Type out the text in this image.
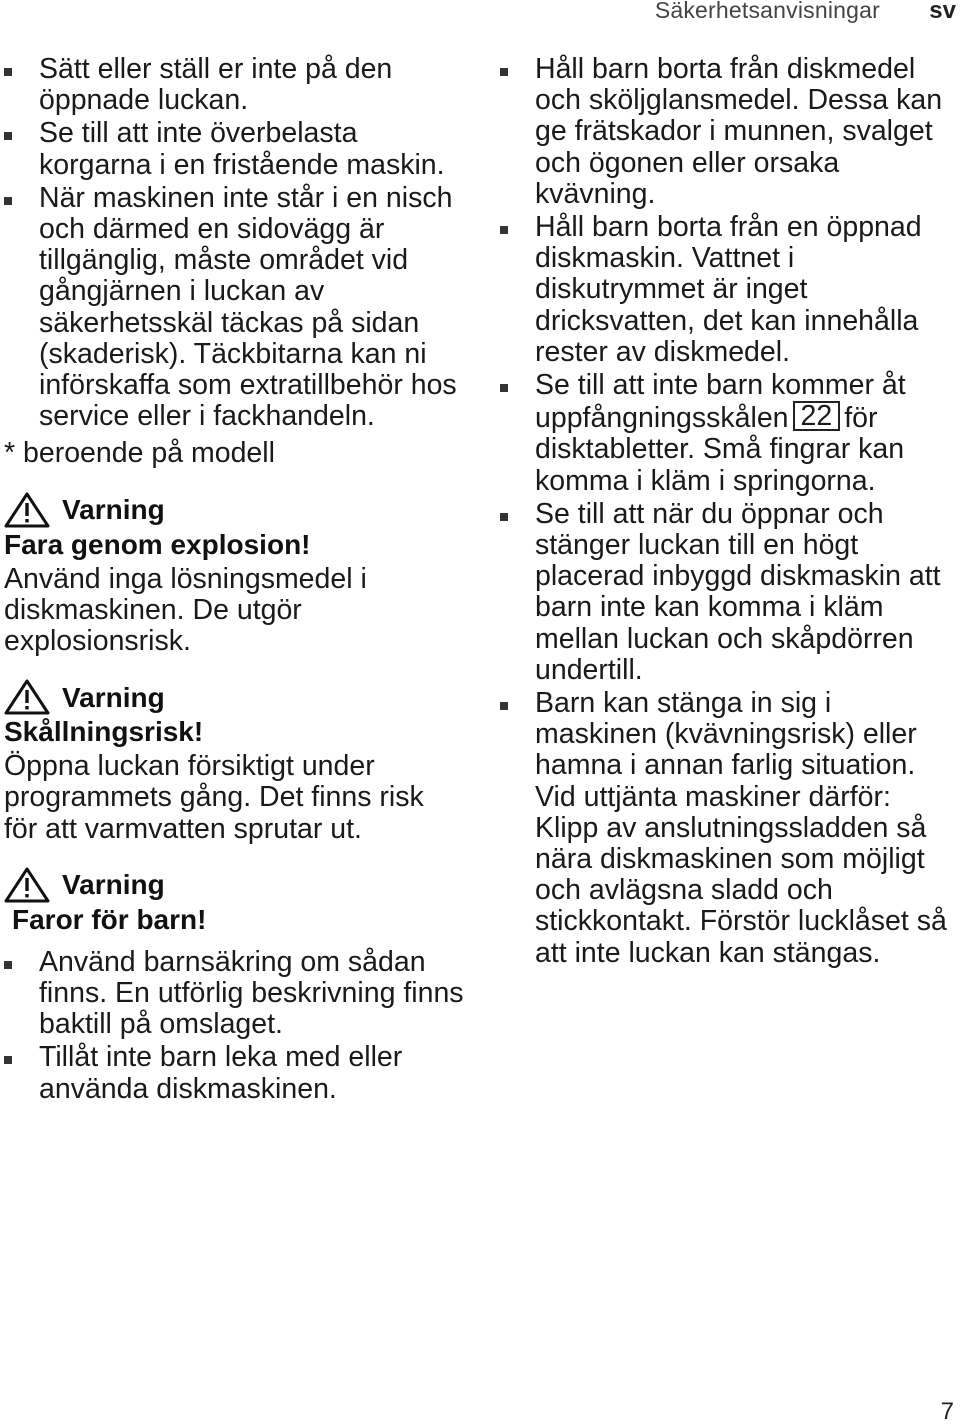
Säkerhetsanvisningar sv
Sätt eller ställ er inte på den öppnade luckan.
Se till att inte överbelasta korgarna i en fristående maskin.
När maskinen inte står i en nisch och därmed en sidovägg är tillgänglig, måste området vid gångjärnen i luckan av säkerhetsskäl täckas på sidan (skaderisk). Täckbitarna kan ni införskaffa som extratillbehör hos service eller i fackhandeln.
* beroende på modell
Varning
Fara genom explosion!
Använd inga lösningsmedel i diskmaskinen. De utgör explosionsrisk.
Varning
Skållningsrisk!
Öppna luckan försiktigt under programmets gång. Det finns risk för att varmvatten sprutar ut.
Varning
Faror för barn!
Använd barnsäkring om sådan finns. En utförlig beskrivning finns baktill på omslaget.
Tillåt inte barn leka med eller använda diskmaskinen.
Håll barn borta från diskmedel och sköljglansmedel. Dessa kan ge frätskador i munnen, svalget och ögonen eller orsaka kvävning.
Håll barn borta från en öppnad diskmaskin. Vattnet i diskutrymmet är inget dricksvatten, det kan innehålla rester av diskmedel.
Se till att inte barn kommer åt uppfångningsskålen 22 för disktabletter. Små fingrar kan komma i kläm i springorna.
Se till att när du öppnar och stänger luckan till en högt placerad inbyggd diskmaskin att barn inte kan komma i kläm mellan luckan och skåpdörren undertill.
Barn kan stänga in sig i maskinen (kvävningsrisk) eller hamna i annan farlig situation.
Vid uttjänta maskiner därför: Klipp av anslutningssladden så nära diskmaskinen som möjligt och avlägsna sladd och stickkontakt. Förstör lucklåset så att inte luckan kan stängas.
7
